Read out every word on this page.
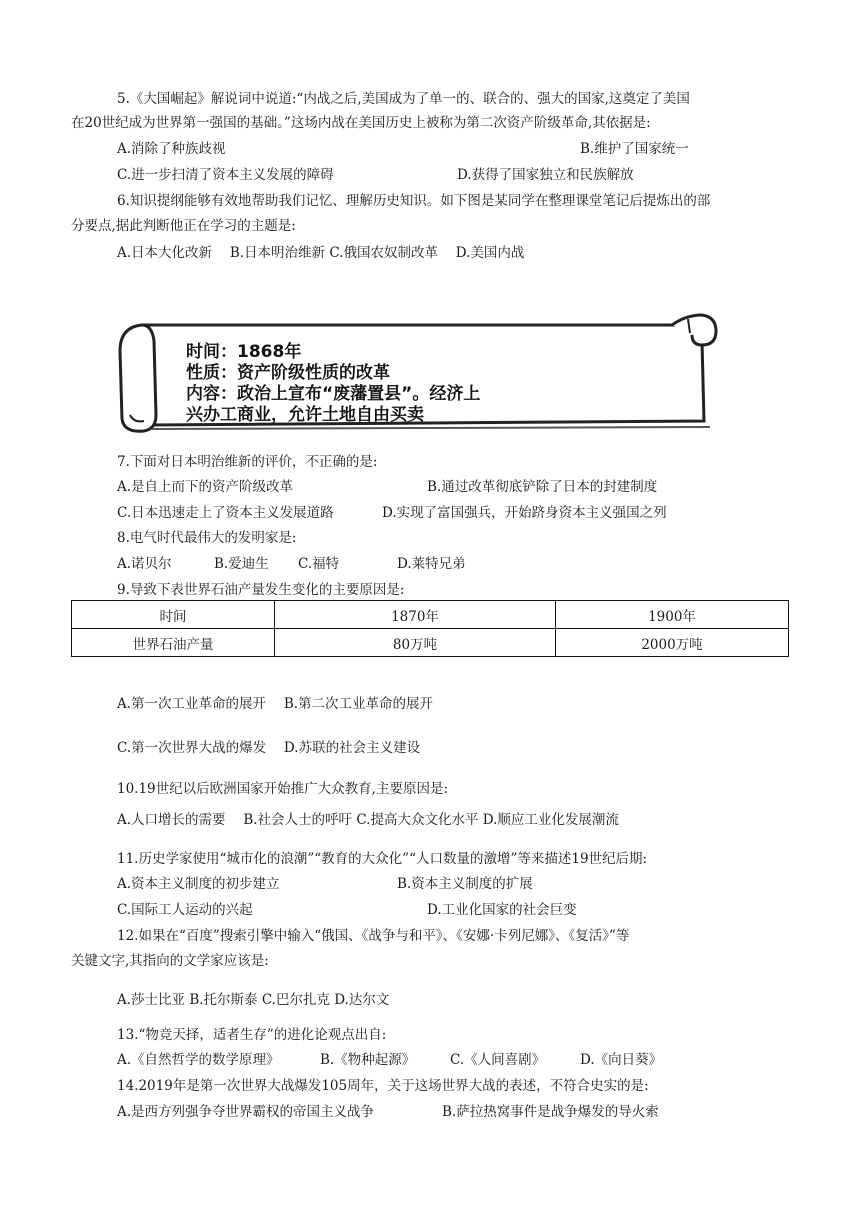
5.《大国崛起》解说词中说道:“内战之后,美国成为了单一的、联合的、强大的国家,这奠定了美国
在20世纪成为世界第一强国的基础。”这场内战在美国历史上被称为第二次资产阶级革命,其依据是:
A.消除了种族歧视	B.维护了国家统一
C.进一步扫清了资本主义发展的障碍	D.获得了国家独立和民族解放
6.知识提纲能够有效地帮助我们记忆、理解历史知识。如下图是某同学在整理课堂笔记后提炼出的部
分要点,据此判断他正在学习的主题是:
A.日本大化改新　 B.日本明治维新 C.俄国农奴制改革　 D.美国内战
时间：1868年
性质：资产阶级性质的改革
内容：政治上宣布“废藩置县”。经济上
兴办工商业，允许土地自由买卖
7.下面对日本明治维新的评价，不正确的是:
A.是自上而下的资产阶级改革	B.通过改革彻底铲除了日本的封建制度
C.日本迅速走上了资本主义发展道路	D.实现了富国强兵，开始跻身资本主义强国之列
8.电气时代最伟大的发明家是:
A.诺贝尔	B.爱迪生 C.福特	D.莱特兄弟
9.导致下表世界石油产量发生变化的主要原因是:
时间	1870年	1900年
世界石油产量	80万吨	2000万吨
A.第一次工业革命的展开　 B.第二次工业革命的展开
C.第一次世界大战的爆发　 D.苏联的社会主义建设
10.19世纪以后欧洲国家开始推广大众教育,主要原因是:
A.人口增长的需要　 B.社会人士的呼吁 C.提高大众文化水平 D.顺应工业化发展潮流
11.历史学家使用“城市化的浪潮”“教育的大众化”“人口数量的激增”等来描述19世纪后期:
A.资本主义制度的初步建立	B.资本主义制度的扩展
C.国际工人运动的兴起	D.工业化国家的社会巨变
12.如果在“百度”搜索引擎中输入“俄国、《战争与和平》、《安娜·卡列尼娜》、《复活》”等
关键文字,其指向的文学家应该是:
A.莎士比亚 B.托尔斯泰 C.巴尔扎克 D.达尔文
13.“物竞天择，适者生存”的进化论观点出自:
A.《自然哲学的数学原理》	B.《物种起源》	C.《人间喜剧》	D.《向日葵》
14.2019年是第一次世界大战爆发105周年，关于这场世界大战的表述，不符合史实的是:
A.是西方列强争夺世界霸权的帝国主义战争	B.萨拉热窝事件是战争爆发的导火索
